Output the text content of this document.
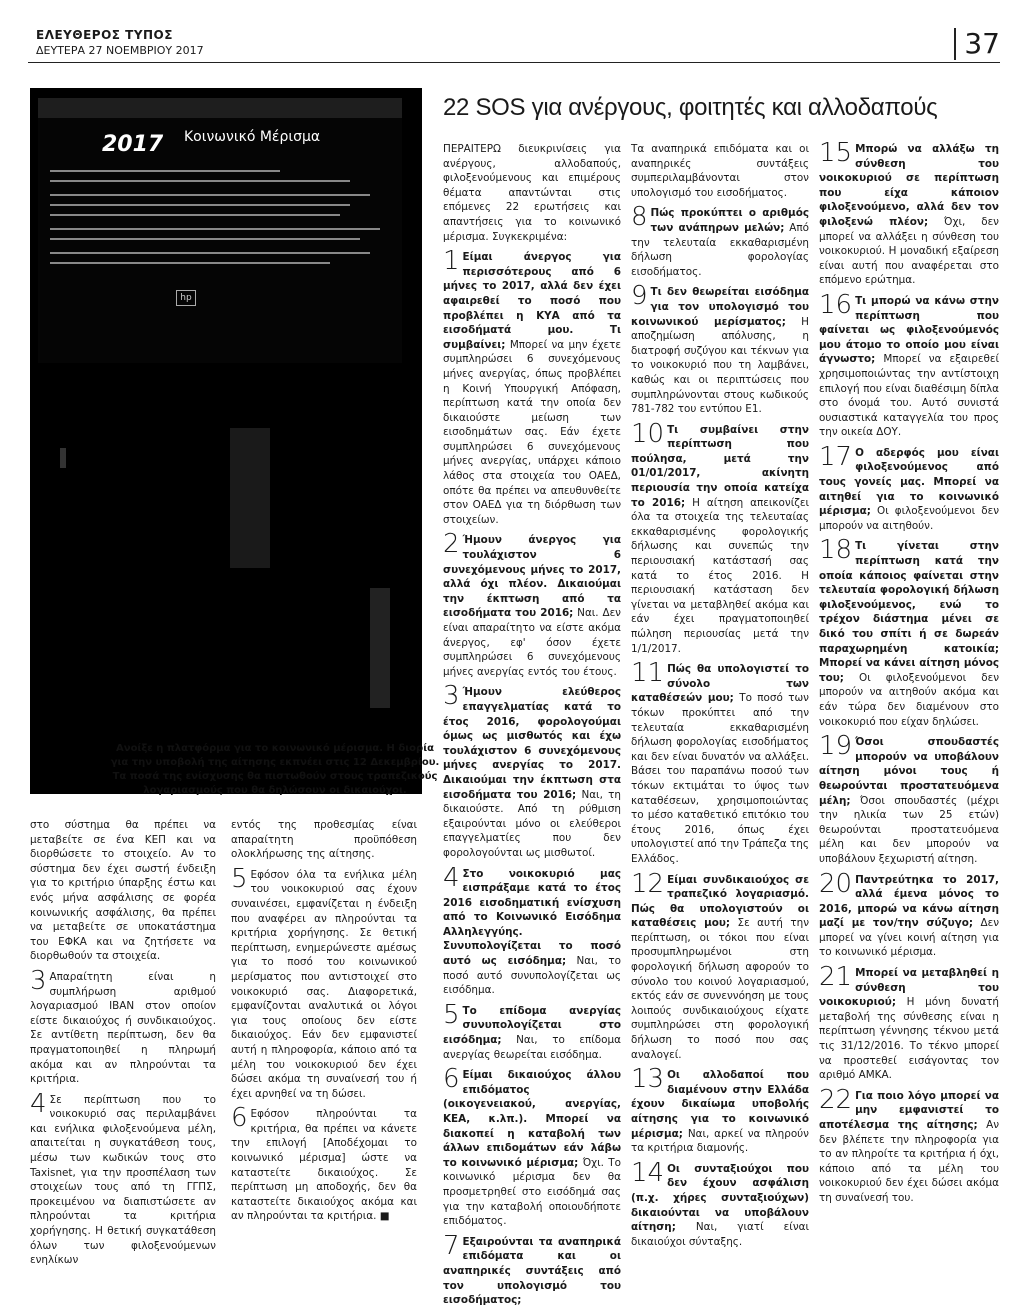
ΕΛΕΥΘΕΡΟΣ ΤΥΠΟΣ
ΔΕΥΤΕΡΑ 27 ΝΟΕΜΒΡΙΟΥ 2017	37
2017 Κοινωνικό Μέρισμα
hp
Ανοίξε η πλατφόρμα για το κοινωνικό μέρισμα. Η διορία για την υποβολή της αίτησης εκπνέει στις 12 Δεκεμβρίου. Τα ποσά της ενίσχυσης θα πιστωθούν στους τραπεζικούς λογαριασμούς που θα δηλώσουν οι δικαιούχοι.
22 SOS για ανέργους, φοιτητές και αλλοδαπούς

στο σύστημα θα πρέπει να μεταβείτε σε ένα ΚΕΠ και να διορθώσετε το στοιχείο. Αν το σύστημα δεν έχει σωστή ένδειξη για το κριτήριο ύπαρξης έστω και ενός μήνα ασφάλισης σε φορέα κοινωνικής ασφάλισης, θα πρέπει να μεταβείτε σε υποκατάστημα του ΕΦΚΑ και να ζητήσετε να διορθωθούν τα στοιχεία.

3 Απαραίτητη είναι η συμπλήρωση αριθμού λογαριασμού IBAN στον οποίον είστε δικαιούχος ή συνδικαιούχος. Σε αντίθετη περίπτωση, δεν θα πραγματοποιηθεί η πληρωμή ακόμα και αν πληρούνται τα κριτήρια.
4 Σε περίπτωση που το νοικοκυριό σας περιλαμβάνει και ενήλικα φιλοξενούμενα μέλη, απαιτείται η συγκατάθεση τους, μέσω των κωδικών τους στο Taxisnet, για την προσπέλαση των στοιχείων τους από τη ΓΓΠΣ, προκειμένου να διαπιστώσετε αν πληρούνται τα κριτήρια χορήγησης. Η θετική συγκατάθεση όλων των φιλοξενούμενων ενηλίκων

εντός της προθεσμίας είναι απαραίτητη προϋπόθεση ολοκλήρωσης της αίτησης.

5 Εφόσον όλα τα ενήλικα μέλη του νοικοκυριού σας έχουν συναινέσει, εμφανίζεται η ένδειξη που αναφέρει αν πληρούνται τα κριτήρια χορήγησης. Σε θετική περίπτωση, ενημερώνεστε αμέσως για το ποσό του κοινωνικού μερίσματος που αντιστοιχεί στο νοικοκυριό σας. Διαφορετικά, εμφανίζονται αναλυτικά οι λόγοι για τους οποίους δεν είστε δικαιούχος. Εάν δεν εμφανιστεί αυτή η πληροφορία, κάποιο από τα μέλη του νοικοκυριού δεν έχει δώσει ακόμα τη συναίνεσή του ή έχει αρνηθεί να τη δώσει.
6 Εφόσον πληρούνται τα κριτήρια, θα πρέπει να κάνετε την επιλογή [Αποδέχομαι το κοινωνικό μέρισμα] ώστε να καταστείτε δικαιούχος. Σε περίπτωση μη αποδοχής, δεν θα καταστείτε δικαιούχος ακόμα και αν πληρούνται τα κριτήρια. ■

ΠΕΡΑΙΤΕΡΩ διευκρινίσεις για ανέργους, αλλοδαπούς, φιλοξενούμενους και επιμέρους θέματα απαντώνται στις επόμενες 22 ερωτήσεις και απαντήσεις για το κοινωνικό μέρισμα. Συγκεκριμένα:

1 Είμαι άνεργος για περισσότερους από 6 μήνες το 2017, αλλά δεν έχει αφαιρεθεί το ποσό που προβλέπει η ΚΥΑ από τα εισοδήματά μου. Τι συμβαίνει; Μπορεί να μην έχετε συμπληρώσει 6 συνεχόμενους μήνες ανεργίας, όπως προβλέπει η Κοινή Υπουργική Απόφαση, περίπτωση κατά την οποία δεν δικαιούστε μείωση των εισοδημάτων σας. Εάν έχετε συμπληρώσει 6 συνεχόμενους μήνες ανεργίας, υπάρχει κάποιο λάθος στα στοιχεία του ΟΑΕΔ, οπότε θα πρέπει να απευθυνθείτε στον ΟΑΕΔ για τη διόρθωση των στοιχείων.
2 Ήμουν άνεργος για τουλάχιστον 6 συνεχόμενους μήνες το 2017, αλλά όχι πλέον. Δικαιούμαι την έκπτωση από τα εισοδήματα του 2016; Ναι. Δεν είναι απαραίτητο να είστε ακόμα άνεργος, εφ' όσον έχετε συμπληρώσει 6 συνεχόμενους μήνες ανεργίας εντός του έτους.
3 Ήμουν ελεύθερος επαγγελματίας κατά το έτος 2016, φορολογούμαι όμως ως μισθωτός και έχω τουλάχιστον 6 συνεχόμενους μήνες ανεργίας το 2017. Δικαιούμαι την έκπτωση στα εισοδήματα του 2016; Ναι, τη δικαιούστε. Από τη ρύθμιση εξαιρούνται μόνο οι ελεύθεροι επαγγελματίες που δεν φορολογούνται ως μισθωτοί.
4 Στο νοικοκυριό μας εισπράξαμε κατά το έτος 2016 εισοδηματική ενίσχυση από το Κοινωνικό Εισόδημα Αλληλεγγύης. Συνυπολογίζεται το ποσό αυτό ως εισόδημα; Ναι, το ποσό αυτό συνυπολογίζεται ως εισόδημα.
5 Το επίδομα ανεργίας συνυπολογίζεται στο εισόδημα; Ναι, το επίδομα ανεργίας θεωρείται εισόδημα.
6 Είμαι δικαιούχος άλλου επιδόματος (οικογενειακού, ανεργίας, ΚΕΑ, κ.λπ.). Μπορεί να διακοπεί η καταβολή των άλλων επιδομάτων εάν λάβω το κοινωνικό μέρισμα; Όχι. Το κοινωνικό μέρισμα δεν θα προσμετρηθεί στο εισόδημά σας για την καταβολή οποιουδήποτε επιδόματος.
7 Εξαιρούνται τα αναπηρικά επιδόματα και οι αναπηρικές συντάξεις από τον υπολογισμό του εισοδήματος;

Τα αναπηρικά επιδόματα και οι αναπηρικές συντάξεις συμπεριλαμβάνονται στον υπολογισμό του εισοδήματος.

8 Πώς προκύπτει ο αριθμός των ανάπηρων μελών; Από την τελευταία εκκαθαρισμένη δήλωση φορολογίας εισοδήματος.
9 Τι δεν θεωρείται εισόδημα για τον υπολογισμό του κοινωνικού μερίσματος; Η αποζημίωση απόλυσης, η διατροφή συζύγου και τέκνων για το νοικοκυριό που τη λαμβάνει, καθώς και οι περιπτώσεις που συμπληρώνονται στους κωδικούς 781-782 του εντύπου Ε1.
10 Τι συμβαίνει στην περίπτωση που πούλησα, μετά την 01/01/2017, ακίνητη περιουσία την οποία κατείχα το 2016; Η αίτηση απεικονίζει όλα τα στοιχεία της τελευταίας εκκαθαρισμένης φορολογικής δήλωσης και συνεπώς την περιουσιακή κατάστασή σας κατά το έτος 2016. Η περιουσιακή κατάσταση δεν γίνεται να μεταβληθεί ακόμα και εάν έχει πραγματοποιηθεί πώληση περιουσίας μετά την 1/1/2017.
11 Πώς θα υπολογιστεί το σύνολο των καταθέσεών μου; Το ποσό των τόκων προκύπτει από την τελευταία εκκαθαρισμένη δήλωση φορολογίας εισοδήματος και δεν είναι δυνατόν να αλλάξει. Βάσει του παραπάνω ποσού των τόκων εκτιμάται το ύψος των καταθέσεων, χρησιμοποιώντας το μέσο καταθετικό επιτόκιο του έτους 2016, όπως έχει υπολογιστεί από την Τράπεζα της Ελλάδος.
12 Είμαι συνδικαιούχος σε τραπεζικό λογαριασμό. Πώς θα υπολογιστούν οι καταθέσεις μου; Σε αυτή την περίπτωση, οι τόκοι που είναι προσυμπληρωμένοι στη φορολογική δήλωση αφορούν το σύνολο του κοινού λογαριασμού, εκτός εάν σε συνεννόηση με τους λοιπούς συνδικαιούχους είχατε συμπληρώσει στη φορολογική δήλωση το ποσό που σας αναλογεί.
13 Οι αλλοδαποί που διαμένουν στην Ελλάδα έχουν δικαίωμα υποβολής αίτησης για το κοινωνικό μέρισμα; Ναι, αρκεί να πληρούν τα κριτήρια διαμονής.
14 Οι συνταξιούχοι που δεν έχουν ασφάλιση (π.χ. χήρες συνταξιούχων) δικαιούνται να υποβάλουν αίτηση; Ναι, γιατί είναι δικαιούχοι σύνταξης.
15 Μπορώ να αλλάξω τη σύνθεση του νοικοκυριού σε περίπτωση που είχα κάποιον φιλοξενούμενο, αλλά δεν τον φιλοξενώ πλέον; Όχι, δεν μπορεί να αλλάξει η σύνθεση του νοικοκυριού. Η μοναδική εξαίρεση είναι αυτή που αναφέρεται στο επόμενο ερώτημα.
16 Τι μπορώ να κάνω στην περίπτωση που φαίνεται ως φιλοξενούμενός μου άτομο το οποίο μου είναι άγνωστο; Μπορεί να εξαιρεθεί χρησιμοποιώντας την αντίστοιχη επιλογή που είναι διαθέσιμη δίπλα στο όνομά του. Αυτό συνιστά ουσιαστικά καταγγελία του προς την οικεία ΔΟΥ.
17 Ο αδερφός μου είναι φιλοξενούμενος από τους γονείς μας. Μπορεί να αιτηθεί για το κοινωνικό μέρισμα; Οι φιλοξενούμενοι δεν μπορούν να αιτηθούν.
18 Τι γίνεται στην περίπτωση κατά την οποία κάποιος φαίνεται στην τελευταία φορολογική δήλωση φιλοξενούμενος, ενώ το τρέχον διάστημα μένει σε δικό του σπίτι ή σε δωρεάν παραχωρημένη κατοικία; Μπορεί να κάνει αίτηση μόνος του; Οι φιλοξενούμενοι δεν μπορούν να αιτηθούν ακόμα και εάν τώρα δεν διαμένουν στο νοικοκυριό που είχαν δηλώσει.
19 Όσοι σπουδαστές μπορούν να υποβάλουν αίτηση μόνοι τους ή θεωρούνται προστατευόμενα μέλη; Όσοι σπουδαστές (μέχρι την ηλικία των 25 ετών) θεωρούνται προστατευόμενα μέλη και δεν μπορούν να υποβάλουν ξεχωριστή αίτηση.
20 Παντρεύτηκα το 2017, αλλά έμενα μόνος το 2016, μπορώ να κάνω αίτηση μαζί με τον/την σύζυγο; Δεν μπορεί να γίνει κοινή αίτηση για το κοινωνικό μέρισμα.
21 Μπορεί να μεταβληθεί η σύνθεση του νοικοκυριού; Η μόνη δυνατή μεταβολή της σύνθεσης είναι η περίπτωση γέννησης τέκνου μετά τις 31/12/2016. Το τέκνο μπορεί να προστεθεί εισάγοντας τον αριθμό ΑΜΚΑ.
22 Για ποιο λόγο μπορεί να μην εμφανιστεί το αποτέλεσμα της αίτησης; Αν δεν βλέπετε την πληροφορία για το αν πληροίτε τα κριτήρια ή όχι, κάποιο από τα μέλη του νοικοκυριού δεν έχει δώσει ακόμα τη συναίνεσή του.
